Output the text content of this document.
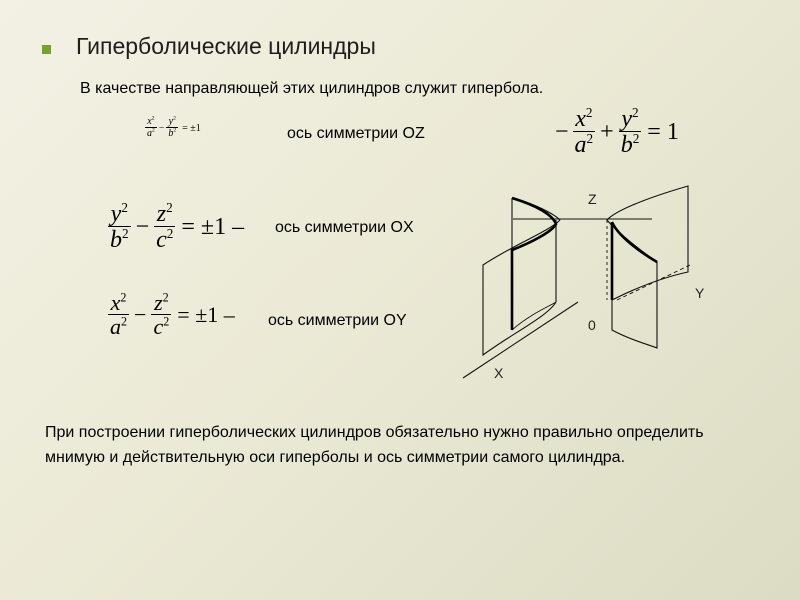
Гиперболические цилиндры
В качестве направляющей этих цилиндров служит гипербола.
$\frac{x^2}{a^2} - \frac{y^2}{b^2} = \pm 1$	ось симметрии OZ	− $\frac{x^2}{a^2} + \frac{y^2}{b^2} = 1$
$\frac{y^2}{b^2} - \frac{z^2}{c^2} = \pm 1$ – ось симметрии OX
$\frac{x^2}{a^2} - \frac{z^2}{c^2} = \pm 1$ – ось симметрии OY
Z
Y
X
0
При построении гиперболических цилиндров обязательно нужно правильно определить мнимую и действительную оси гиперболы и ось симметрии самого цилиндра.
